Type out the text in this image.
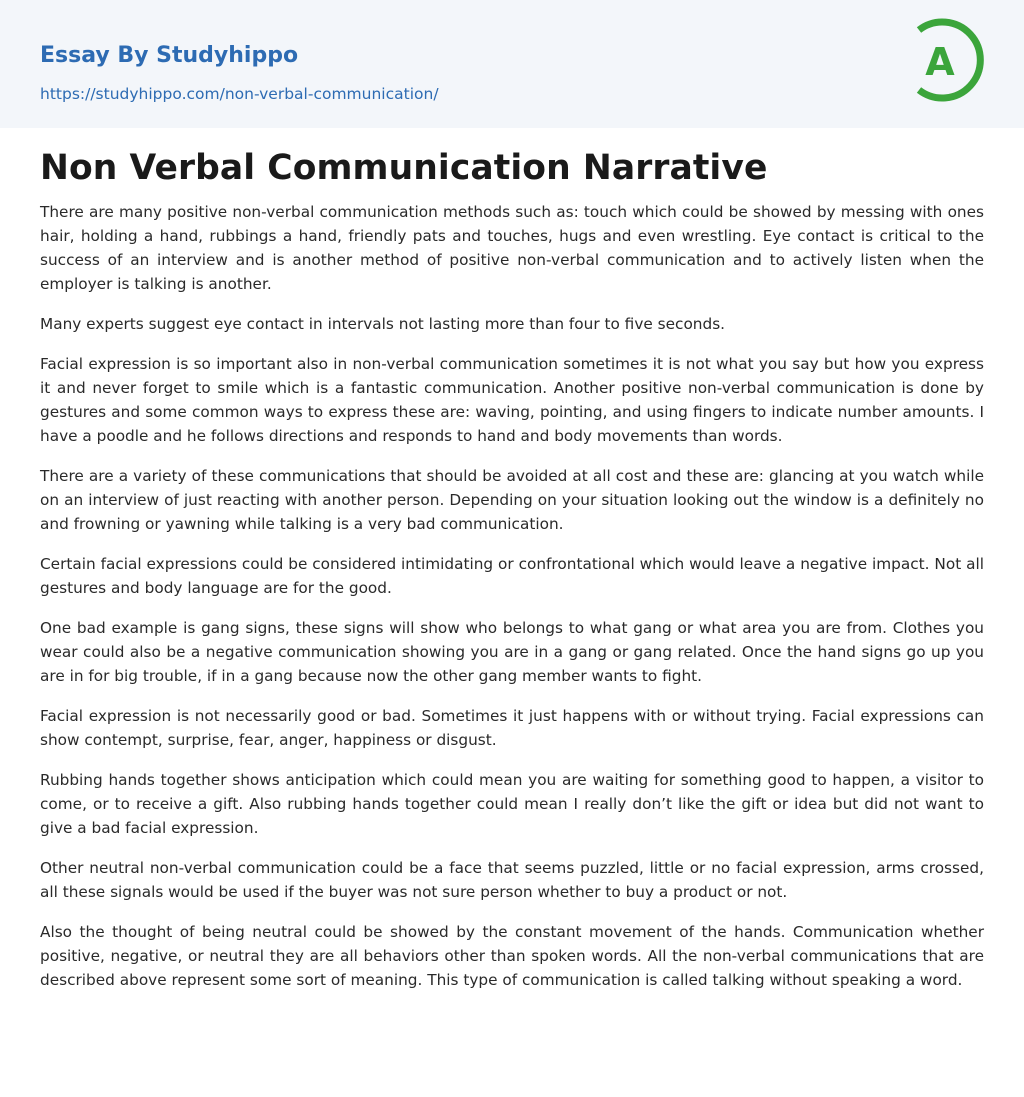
Essay By Studyhippo
https://studyhippo.com/non-verbal-communication/
A
Non Verbal Communication Narrative

There are many positive non-verbal communication methods such as: touch which could be showed by messing with ones hair, holding a hand, rubbings a hand, friendly pats and touches, hugs and even wrestling. Eye contact is critical to the success of an interview and is another method of positive non-verbal communication and to actively listen when the employer is talking is another.

Many experts suggest eye contact in intervals not lasting more than four to five seconds.

Facial expression is so important also in non-verbal communication sometimes it is not what you say but how you express it and never forget to smile which is a fantastic communication. Another positive non-verbal communication is done by gestures and some common ways to express these are: waving, pointing, and using fingers to indicate number amounts. I have a poodle and he follows directions and responds to hand and body movements than words.

There are a variety of these communications that should be avoided at all cost and these are: glancing at you watch while on an interview of just reacting with another person. Depending on your situation looking out the window is a definitely no and frowning or yawning while talking is a very bad communication.

Certain facial expressions could be considered intimidating or confrontational which would leave a negative impact. Not all gestures and body language are for the good.

One bad example is gang signs, these signs will show who belongs to what gang or what area you are from. Clothes you wear could also be a negative communication showing you are in a gang or gang related. Once the hand signs go up you are in for big trouble, if in a gang because now the other gang member wants to fight.

Facial expression is not necessarily good or bad. Sometimes it just happens with or without trying. Facial expressions can show contempt, surprise, fear, anger, happiness or disgust.

Rubbing hands together shows anticipation which could mean you are waiting for something good to happen, a visitor to come, or to receive a gift. Also rubbing hands together could mean I really don’t like the gift or idea but did not want to give a bad facial expression.

Other neutral non-verbal communication could be a face that seems puzzled, little or no facial expression, arms crossed, all these signals would be used if the buyer was not sure person whether to buy a product or not.

Also the thought of being neutral could be showed by the constant movement of the hands. Communication whether positive, negative, or neutral they are all behaviors other than spoken words. All the non-verbal communications that are described above represent some sort of meaning. This type of communication is called talking without speaking a word.
